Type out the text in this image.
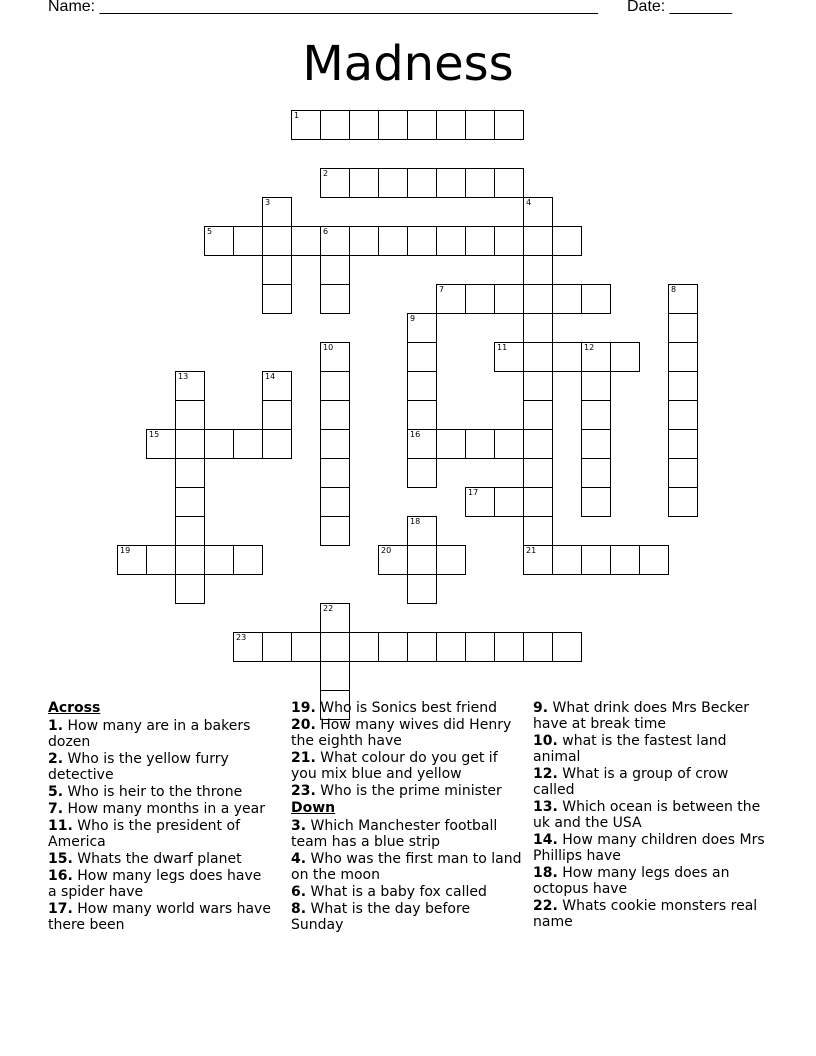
Name: ________________________________________________________ Date: _______
Madness
1
2
3	4
21
5	6
7	8
9
16
10	11	12
13	14
15
17
18
19	20
22
23
Across
1. How many are in a bakers dozen
2. Who is the yellow furry detective
5. Who is heir to the throne
7. How many months in a year
11. Who is the president of America
15. Whats the dwarf planet
16. How many legs does have a spider have
17. How many world wars have there been
19. Who is Sonics best friend
20. How many wives did Henry the eighth have
21. What colour do you get if you mix blue and yellow
23. Who is the prime minister
Down
3. Which Manchester football team has a blue strip
4. Who was the first man to land on the moon
6. What is a baby fox called
8. What is the day before Sunday
9. What drink does Mrs Becker have at break time
10. what is the fastest land animal
12. What is a group of crow called
13. Which ocean is between the uk and the USA
14. How many children does Mrs Phillips have
18. How many legs does an octopus have
22. Whats cookie monsters real name
